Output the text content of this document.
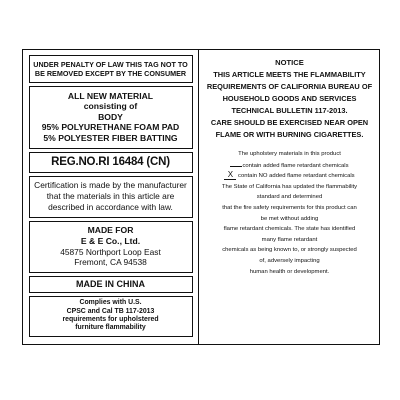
UNDER PENALTY OF LAW THIS TAG NOT TO
BE REMOVED EXCEPT BY THE CONSUMER
ALL NEW MATERIAL
consisting of
BODY
95% POLYURETHANE FOAM PAD
5% POLYESTER FIBER BATTING
REG.NO.RI 16484 (CN)
Certification is made by the manufacturer
that the materials in this article are
described in accordance with law.
MADE FOR
E & E Co., Ltd.
45875 Northport Loop East
Fremont, CA 94538
MADE IN CHINA
Complies with U.S.
CPSC and Cal TB 117-2013
requirements for upholstered
furniture flammability
NOTICE
THIS ARTICLE MEETS THE FLAMMABILITY
REQUIREMENTS OF CALIFORNIA BUREAU OF
HOUSEHOLD GOODS AND SERVICES
TECHNICAL BULLETIN 117-2013.
CARE SHOULD BE EXERCISED NEAR OPEN
FLAME OR WITH BURNING CIGARETTES.
The upholstery materials in this product
contain added flame retardant chemicals
X contain NO added flame retardant chemicals
The State of California has updated the flammability
standard and determined
that the fire safety requirements for this product can
be met without adding
flame retardant chemicals. The state has identified
many flame retardant
chemicals as being known to, or strongly suspected
of, adversely impacting
human health or development.
